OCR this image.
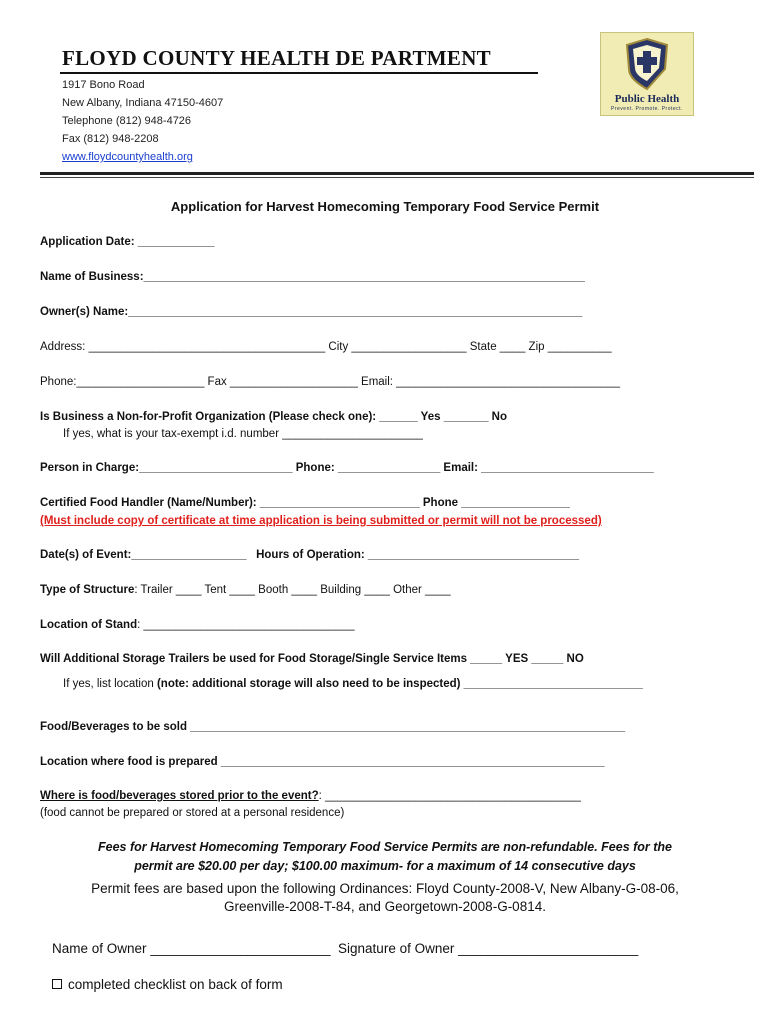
FLOYD COUNTY HEALTH DE PARTMENT
1917 Bono Road
New Albany, Indiana 47150-4607
Telephone (812) 948-4726
Fax (812) 948-2208
www.floydcountyhealth.org
Public Health
Prevent. Promote. Protect.
Application for Harvest Homecoming Temporary Food Service Permit
Application Date: ____________
Name of Business:_____________________________________________________________________
Owner(s) Name:_______________________________________________________________________
Address: _____________________________________ City __________________ State ____ Zip __________
Phone:____________________ Fax ____________________ Email: ___________________________________
Is Business a Non-for-Profit Organization (Please check one): ______ Yes _______ No
If yes, what is your tax-exempt i.d. number ______________________
Person in Charge:________________________ Phone: ________________ Email: ___________________________
Certified Food Handler (Name/Number): _________________________ Phone _________________
(Must include copy of certificate at time application is being submitted or permit will not be processed)
Date(s) of Event:__________________ Hours of Operation: _________________________________
Type of Structure: Trailer ____ Tent ____ Booth ____ Building ____ Other ____
Location of Stand: _________________________________
Will Additional Storage Trailers be used for Food Storage/Single Service Items _____ YES _____ NO
If yes, list location (note: additional storage will also need to be inspected) ____________________________
Food/Beverages to be sold ____________________________________________________________________
Location where food is prepared ____________________________________________________________
Where is food/beverages stored prior to the event?: ________________________________________
(food cannot be prepared or stored at a personal residence)
Fees for Harvest Homecoming Temporary Food Service Permits are non-refundable. Fees for the
permit are $20.00 per day; $100.00 maximum- for a maximum of 14 consecutive days
Permit fees are based upon the following Ordinances: Floyd County-2008-V, New Albany-G-08-06,
Greenville-2008-T-84, and Georgetown-2008-G-0814.
Name of Owner ________________________ Signature of Owner ________________________
completed checklist on back of form
